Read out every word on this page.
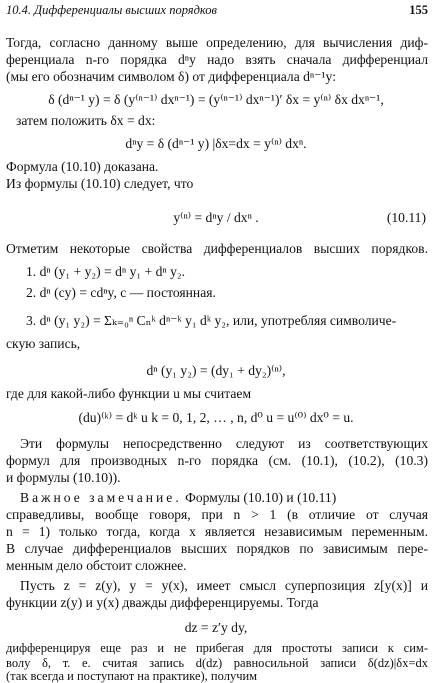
10.4. Дифференциалы высших порядков	155
Тогда, согласно данному выше определению, для вычисления диф-
ференциала n-го порядка dⁿy надо взять сначала дифференциал
(мы его обозначим символом δ) от дифференциала dⁿ⁻¹y:
δ (dⁿ⁻¹ y) = δ (y⁽ⁿ⁻¹⁾ dxⁿ⁻¹) = (y⁽ⁿ⁻¹⁾ dxⁿ⁻¹)′ δx = y⁽ⁿ⁾ δx dxⁿ⁻¹,
затем положить δx = dx:
dⁿy = δ (dⁿ⁻¹ y) |δx=dx = y⁽ⁿ⁾ dxⁿ.
Формула (10.10) доказана.
Из формулы (10.10) следует, что
y⁽ⁿ⁾ = dⁿy / dxⁿ .	(10.11)
Отметим некоторые свойства дифференциалов высших порядков.
1. dⁿ (y₁ + y₂) = dⁿ y₁ + dⁿ y₂.
2. dⁿ (cy) = cdⁿy, c — постоянная.
3. dⁿ (y₁ y₂) = Σₖ₌₀ⁿ Cₙᵏ dⁿ⁻ᵏ y₁ dᵏ y₂, или, употребляя символиче-
скую запись,
dⁿ (y₁ y₂) = (dy₁ + dy₂)⁽ⁿ⁾,
где для какой-либо функции u мы считаем
(du)⁽ᵏ⁾ = dᵏ u k = 0, 1, 2, … , n, d⁰ u = u⁽⁰⁾ dx⁰ = u.
Эти формулы непосредственно следуют из соответствующих
формул для производных n-го порядка (см. (10.1), (10.2), (10.3)
и формулы (10.10)).
Важное замечание. Формулы (10.10) и (10.11)
справедливы, вообще говоря, при n > 1 (в отличие от случая
n = 1) только тогда, когда x является независимым переменным.
В случае дифференциалов высших порядков по зависимым пере-
менным дело обстоит сложнее.
Пусть z = z(y), y = y(x), имеет смысл суперпозиция z[y(x)] и
функции z(y) и y(x) дважды дифференцируемы. Тогда
dz = z′y dy,
дифференцируя еще раз и не прибегая для простоты записи к сим-
волу δ, т. е. считая запись d(dz) равносильной записи δ(dz)|δx=dx
(так всегда и поступают на практике), получим
